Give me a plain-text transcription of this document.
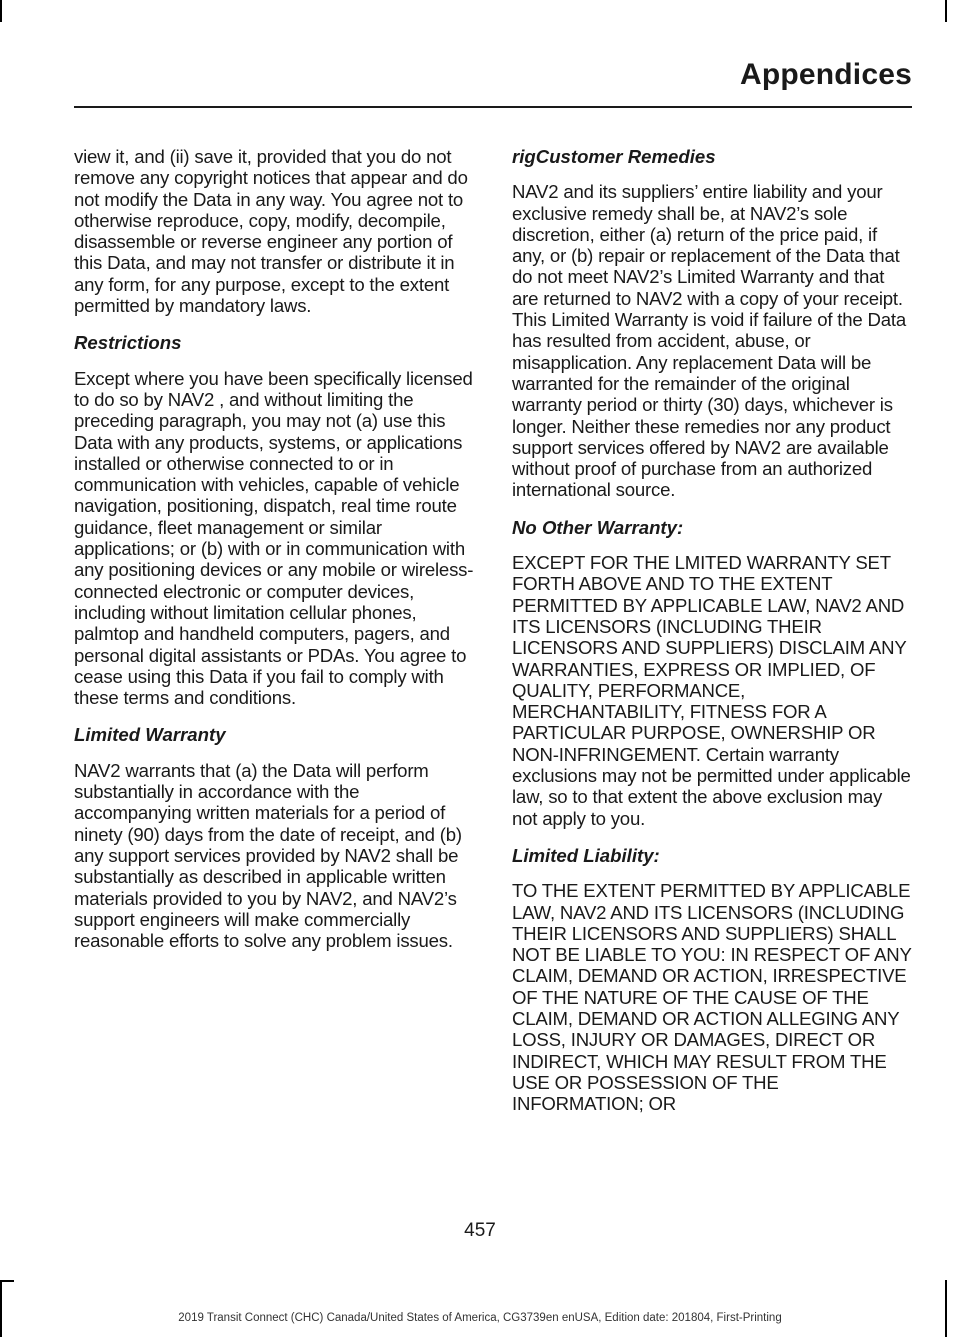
Appendices

view it, and (ii) save it, provided that you do not remove any copyright notices that appear and do not modify the Data in any way. You agree not to otherwise reproduce, copy, modify, decompile, disassemble or reverse engineer any portion of this Data, and may not transfer or distribute it in any form, for any purpose, except to the extent permitted by mandatory laws.

Restrictions

Except where you have been specifically licensed to do so by NAV2 , and without limiting the preceding paragraph, you may not (a) use this Data with any products, systems, or applications installed or otherwise connected to or in communication with vehicles, capable of vehicle navigation, positioning, dispatch, real time route guidance, fleet management or similar applications; or (b) with or in communication with any positioning devices or any mobile or wireless-connected electronic or computer devices, including without limitation cellular phones, palmtop and handheld computers, pagers, and personal digital assistants or PDAs. You agree to cease using this Data if you fail to comply with these terms and conditions.

Limited Warranty

NAV2 warrants that (a) the Data will perform substantially in accordance with the accompanying written materials for a period of ninety (90) days from the date of receipt, and (b) any support services provided by NAV2 shall be substantially as described in applicable written materials provided to you by NAV2, and NAV2’s support engineers will make commercially reasonable efforts to solve any problem issues.

rigCustomer Remedies

NAV2 and its suppliers’ entire liability and your exclusive remedy shall be, at NAV2’s sole discretion, either (a) return of the price paid, if any, or (b) repair or replacement of the Data that do not meet NAV2’s Limited Warranty and that are returned to NAV2 with a copy of your receipt. This Limited Warranty is void if failure of the Data has resulted from accident, abuse, or misapplication. Any replacement Data will be warranted for the remainder of the original warranty period or thirty (30) days, whichever is longer. Neither these remedies nor any product support services offered by NAV2 are available without proof of purchase from an authorized international source.

No Other Warranty:

EXCEPT FOR THE LMITED WARRANTY SET FORTH ABOVE AND TO THE EXTENT PERMITTED BY APPLICABLE LAW, NAV2 AND ITS LICENSORS (INCLUDING THEIR LICENSORS AND SUPPLIERS) DISCLAIM ANY WARRANTIES, EXPRESS OR IMPLIED, OF QUALITY, PERFORMANCE, MERCHANTABILITY, FITNESS FOR A PARTICULAR PURPOSE, OWNERSHIP OR NON-INFRINGEMENT. Certain warranty exclusions may not be permitted under applicable law, so to that extent the above exclusion may not apply to you.

Limited Liability:

TO THE EXTENT PERMITTED BY APPLICABLE LAW, NAV2 AND ITS LICENSORS (INCLUDING THEIR LICENSORS AND SUPPLIERS) SHALL NOT BE LIABLE TO YOU: IN RESPECT OF ANY CLAIM, DEMAND OR ACTION, IRRESPECTIVE OF THE NATURE OF THE CAUSE OF THE CLAIM, DEMAND OR ACTION ALLEGING ANY LOSS, INJURY OR DAMAGES, DIRECT OR INDIRECT, WHICH MAY RESULT FROM THE USE OR POSSESSION OF THE INFORMATION; OR

457
2019 Transit Connect (CHC) Canada/United States of America, CG3739en enUSA, Edition date: 201804, First-Printing
